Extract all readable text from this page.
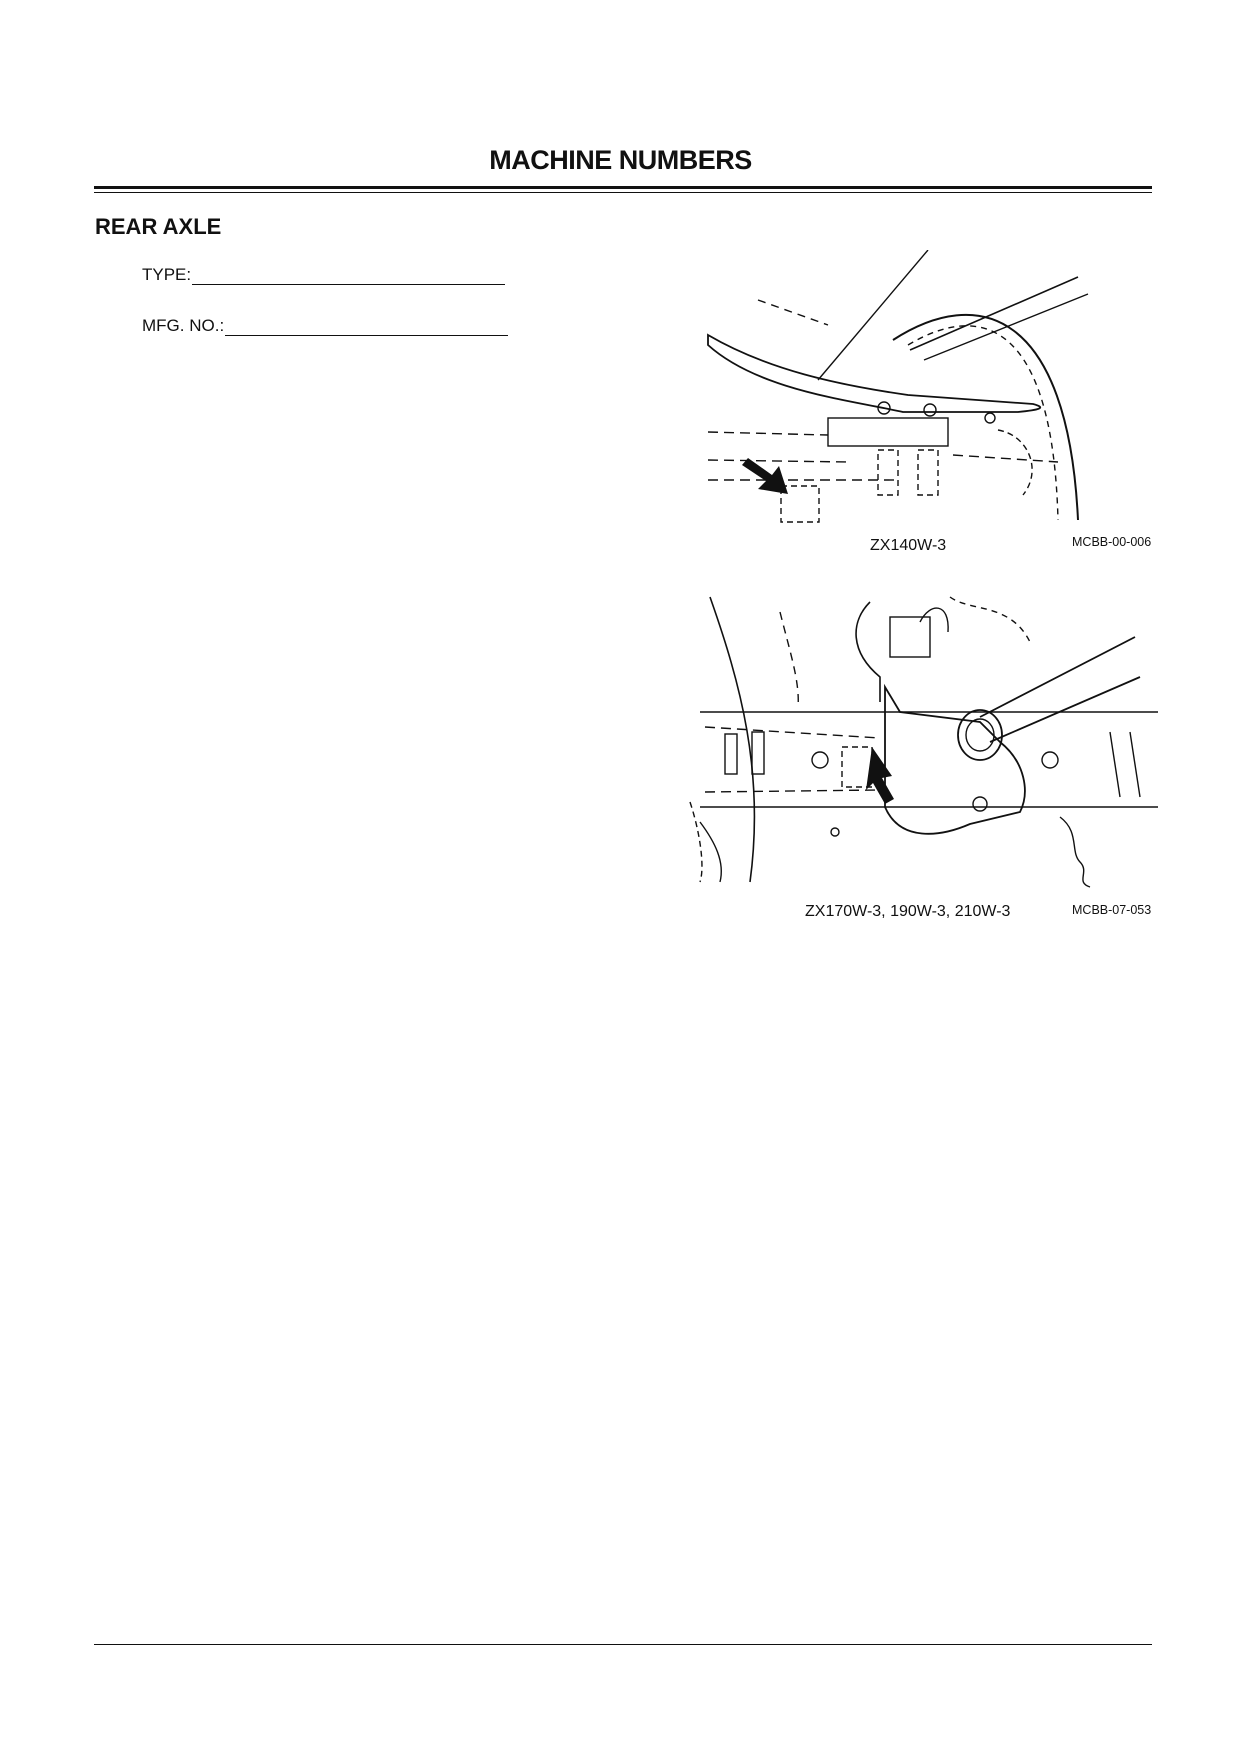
MACHINE NUMBERS
REAR AXLE
TYPE:
MFG. NO.:
ZX140W-3	MCBB-00-006
ZX170W-3, 190W-3, 210W-3	MCBB-07-053
